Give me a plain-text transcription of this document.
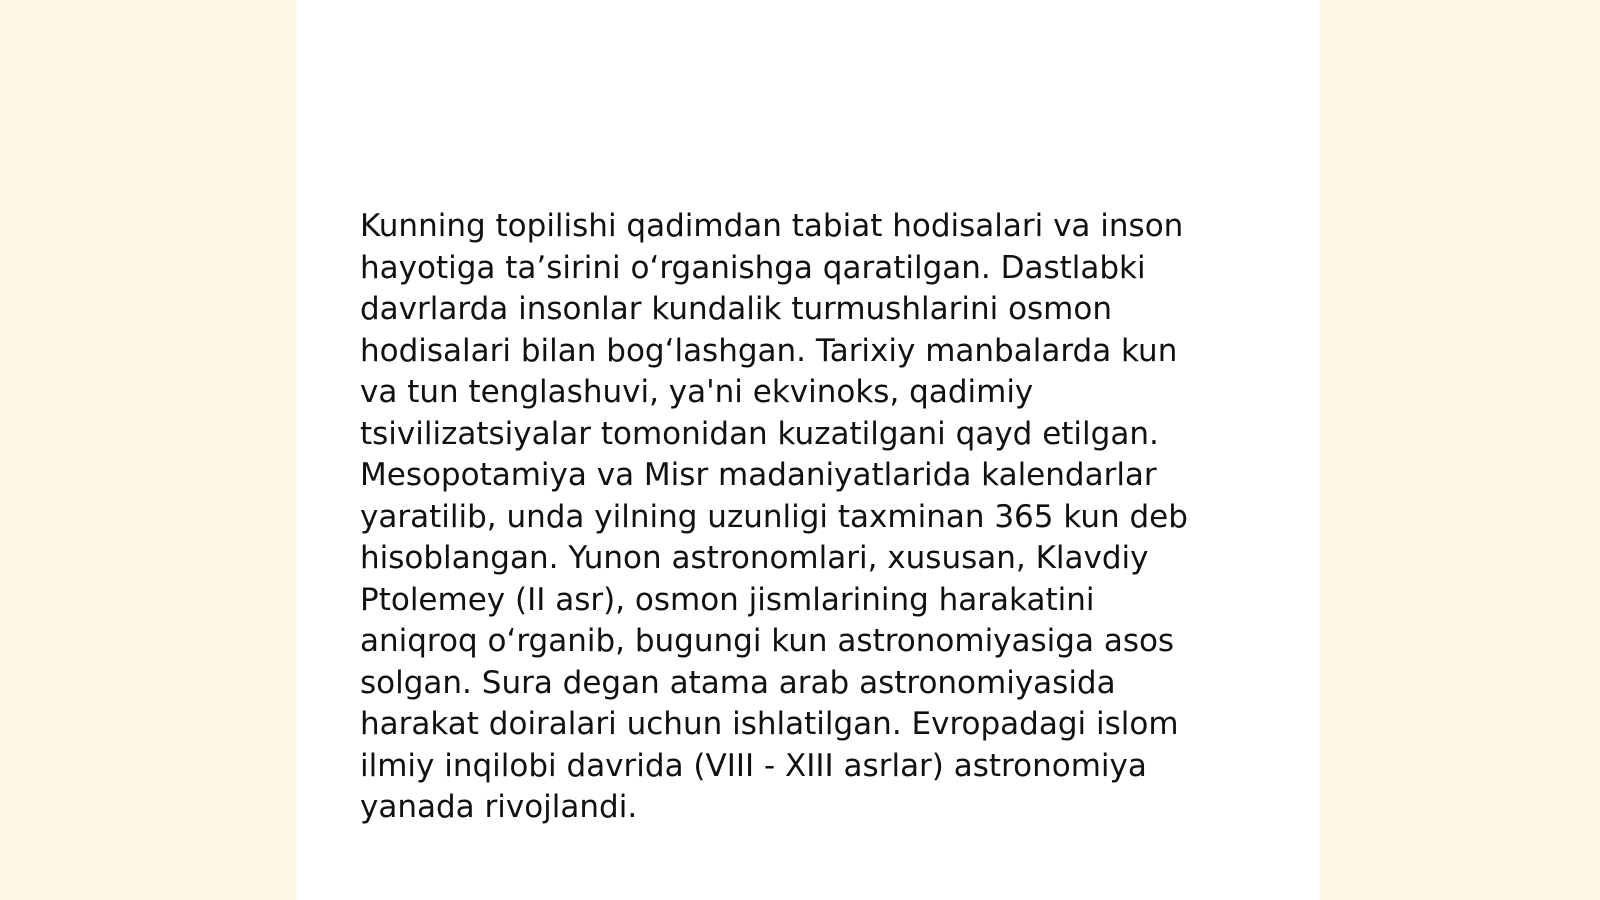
Kunning topilishi qadimdan tabiat hodisalari va inson
hayotiga ta’sirini o‘rganishga qaratilgan. Dastlabki
davrlarda insonlar kundalik turmushlarini osmon
hodisalari bilan bog‘lashgan. Tarixiy manbalarda kun
va tun tenglashuvi, ya'ni ekvinoks, qadimiy
tsivilizatsiyalar tomonidan kuzatilgani qayd etilgan.
Mesopotamiya va Misr madaniyatlarida kalendarlar
yaratilib, unda yilning uzunligi taxminan 365 kun deb
hisoblangan. Yunon astronomlari, xususan, Klavdiy
Ptolemey (II asr), osmon jismlarining harakatini
aniqroq o‘rganib, bugungi kun astronomiyasiga asos
solgan. Sura degan atama arab astronomiyasida
harakat doiralari uchun ishlatilgan. Evropadagi islom
ilmiy inqilobi davrida (VIII - XIII asrlar) astronomiya
yanada rivojlandi.
